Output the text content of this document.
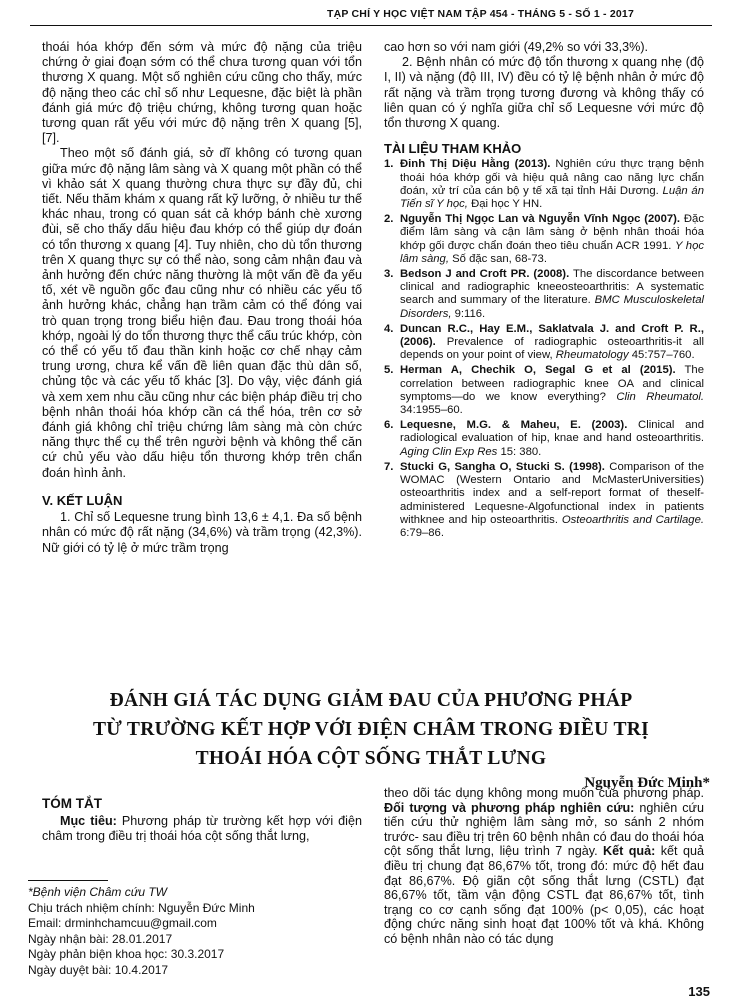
TẠP CHÍ Y HỌC VIỆT NAM TẬP 454 - THÁNG 5 - SỐ 1 - 2017

thoái hóa khớp đến sớm và mức độ nặng của triệu chứng ở giai đoạn sớm có thể chưa tương quan với tổn thương X quang. Một số nghiên cứu cũng cho thấy, mức độ nặng theo các chỉ số như Lequesne, đặc biệt là phần đánh giá mức độ triệu chứng, không tương quan hoặc tương quan rất yếu với mức độ nặng trên X quang [5],[7].

Theo một số đánh giá, sở dĩ không có tương quan giữa mức độ nặng lâm sàng và X quang một phần có thể vì khảo sát X quang thường chưa thực sự đầy đủ, chi tiết. Nếu thăm khám x quang rất kỹ lưỡng, ở nhiều tư thế khác nhau, trong có quan sát cả khớp bánh chè xương đùi, sẽ cho thấy dấu hiệu đau khớp có thể giúp dự đoán có tổn thương x quang [4]. Tuy nhiên, cho dù tổn thương trên X quang thực sự có thể nào, song cảm nhận đau và ảnh hưởng đến chức năng thường là một vấn đề đa yếu tố, xét về nguồn gốc đau cũng như có nhiều các yếu tố ảnh hưởng khác, chẳng hạn trầm cảm có thể đóng vai trò quan trọng trong biểu hiện đau. Đau trong thoái hóa khớp, ngoài lý do tổn thương thực thể cấu trúc khớp, còn có thể có yếu tố đau thần kinh hoặc cơ chế nhạy cảm trung ương, chưa kể vấn đề liên quan đặc thù dân số, chủng tộc và các yếu tố khác [3]. Do vậy, việc đánh giá và xem xem nhu cầu cũng như các biện pháp điều trị cho bệnh nhân thoái hóa khớp cần cá thể hóa, trên cơ sở đánh giá không chỉ triệu chứng lâm sàng mà còn chức năng thực thể cụ thể trên người bệnh và không thể căn cứ chủ yếu vào dấu hiệu tổn thương khớp trên chẩn đoán hình ảnh.

V. KẾT LUẬN

1. Chỉ số Lequesne trung bình 13,6 ± 4,1. Đa số bệnh nhân có mức độ rất nặng (34,6%) và trầm trọng (42,3%). Nữ giới có tỷ lệ ở mức trầm trọng

cao hơn so với nam giới (49,2% so với 33,3%).

2. Bệnh nhân có mức độ tổn thương x quang nhẹ (độ I, II) và nặng (độ III, IV) đều có tỷ lệ bệnh nhân ở mức độ rất nặng và trầm trọng tương đương và không thấy có liên quan có ý nghĩa giữa chỉ số Lequesne với mức độ tổn thương X quang.

TÀI LIỆU THAM KHẢO
1. Đinh Thị Diệu Hằng (2013). Nghiên cứu thực trạng bệnh thoái hóa khớp gối và hiệu quả nâng cao năng lực chẩn đoán, xử trí của cán bộ y tế xã tại tỉnh Hải Dương. Luận án Tiến sĩ Y học, Đại học Y HN.
2. Nguyễn Thị Ngọc Lan và Nguyễn Vĩnh Ngọc (2007). Đặc điểm lâm sàng và cận lâm sàng ở bệnh nhân thoái hóa khớp gối được chẩn đoán theo tiêu chuẩn ACR 1991. Y học lâm sàng, Số đặc san, 68-73.
3. Bedson J and Croft PR. (2008). The discordance between clinical and radiographic kneeosteoarthritis: A systematic search and summary of the literature. BMC Musculoskeletal Disorders, 9:116.
4. Duncan R.C., Hay E.M., Saklatvala J. and Croft P. R., (2006). Prevalence of radiographic osteoarthritis-it all depends on your point of view, Rheumatology 45:757–760.
5. Herman A, Chechik O, Segal G et al (2015). The correlation between radiographic knee OA and clinical symptoms—do we know everything? Clin Rheumatol. 34:1955–60.
6. Lequesne, M.G. & Maheu, E. (2003). Clinical and radiological evaluation of hip, knae and hand osteoarthritis. Aging Clin Exp Res 15: 380.
7. Stucki G, Sangha O, Stucki S. (1998). Comparison of the WOMAC (Western Ontario and McMasterUniversities) osteoarthritis index and a self-report format of theself-administered Lequesne-Algofunctional index in patients withknee and hip osteoarthritis. Osteoarthritis and Cartilage. 6:79–86.
ĐÁNH GIÁ TÁC DỤNG GIẢM ĐAU CỦA PHƯƠNG PHÁP
TỪ TRƯỜNG KẾT HỢP VỚI ĐIỆN CHÂM TRONG ĐIỀU TRỊ
THOÁI HÓA CỘT SỐNG THẮT LƯNG
Nguyễn Đức Minh*
TÓM TẮT

Mục tiêu: Phương pháp từ trường kết hợp với điện châm trong điều trị thoái hóa cột sống thắt lưng,

theo dõi tác dụng không mong muốn của phương pháp. Đối tượng và phương pháp nghiên cứu: nghiên cứu tiến cứu thử nghiệm lâm sàng mở, so sánh 2 nhóm trước- sau điều trị trên 60 bệnh nhân có đau do thoái hóa cột sống thắt lưng, liệu trình 7 ngày. Kết quả: kết quả điều trị chung đạt 86,67% tốt, trong đó: mức độ hết đau đạt 86,67%. Độ giãn cột sống thắt lưng (CSTL) đạt 86,67% tốt, tầm vận động CSTL đạt 86,67% tốt, tình trạng co cơ cạnh sống đạt 100% (p< 0,05), các hoạt động chức năng sinh hoạt đạt 100% tốt và khá. Không có bệnh nhân nào có tác dụng

*Bệnh viện Châm cứu TW
Chịu trách nhiệm chính: Nguyễn Đức Minh
Email: drminhchamcuu@gmail.com
Ngày nhận bài: 28.01.2017
Ngày phản biện khoa học: 30.3.2017
Ngày duyệt bài: 10.4.2017
135
